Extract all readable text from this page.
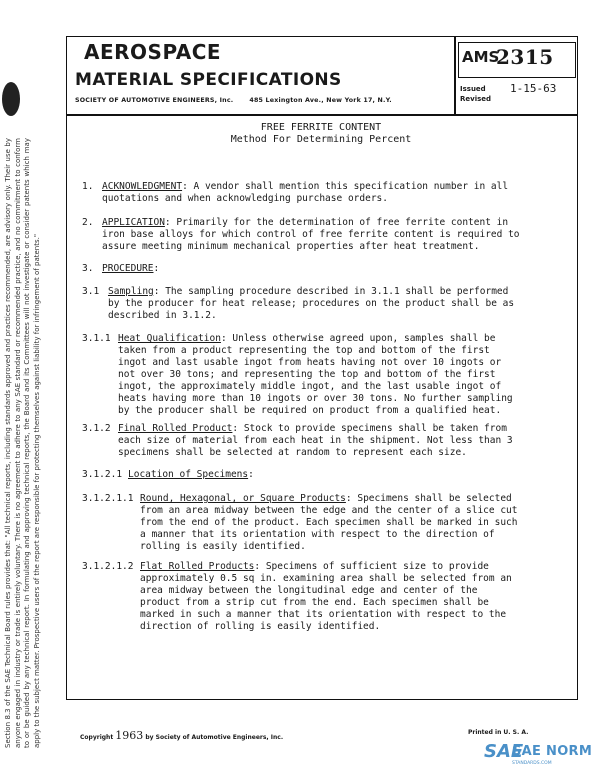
AEROSPACE
MATERIAL SPECIFICATIONS
SOCIETY OF AUTOMOTIVE ENGINEERS, Inc.	485 Lexington Ave., New York 17, N.Y.
AMS
2315
Issued
Revised
1-15-63
FREE FERRITE CONTENT
Method For Determining Percent
1. ACKNOWLEDGMENT: A vendor shall mention this specification number in all quotations and when acknowledging purchase orders.
2. APPLICATION: Primarily for the determination of free ferrite content in iron base alloys for which control of free ferrite content is required to assure meeting minimum mechanical properties after heat treatment.
3. PROCEDURE:
3.1 Sampling: The sampling procedure described in 3.1.1 shall be performed by the producer for heat release; procedures on the product shall be as described in 3.1.2.
3.1.1 Heat Qualification: Unless otherwise agreed upon, samples shall be taken from a product representing the top and bottom of the first ingot and last usable ingot from heats having not over 10 ingots or not over 30 tons; and representing the top and bottom of the first ingot, the approximately middle ingot, and the last usable ingot of heats having more than 10 ingots or over 30 tons. No further sampling by the producer shall be required on product from a qualified heat.
3.1.2 Final Rolled Product: Stock to provide specimens shall be taken from each size of material from each heat in the shipment. Not less than 3 specimens shall be selected at random to represent each size.
3.1.2.1 Location of Specimens:
3.1.2.1.1 Round, Hexagonal, or Square Products: Specimens shall be selected from an area midway between the edge and the center of a slice cut from the end of the product. Each specimen shall be marked in such a manner that its orientation with respect to the direction of rolling is easily identified.
3.1.2.1.2 Flat Rolled Products: Specimens of sufficient size to provide approximately 0.5 sq in. examining area shall be selected from an area midway between the longitudinal edge and center of the product from a strip cut from the end. Each specimen shall be marked in such a manner that its orientation with respect to the direction of rolling is easily identified.
Section 8.3 of the SAE Technical Board rules provides that: "All technical reports, including standards approved and practices recommended, are advisory only. Their use by anyone engaged in industry or trade is entirely voluntary. There is no agreement to adhere to any SAE standard or recommended practice, and no commitment to conform to or be guided by any technical report. In formulating and approving technical reports, the Board and its Committees will not investigate or consider patents which may apply to the subject matter. Prospective users of the report are responsible for protecting themselves against liability for infringement of patents."	Copyright 1963 by Society of Automotive Engineers, Inc.
Printed in U. S. A.
SAE
SAE NORM
STANDARDS.COM
